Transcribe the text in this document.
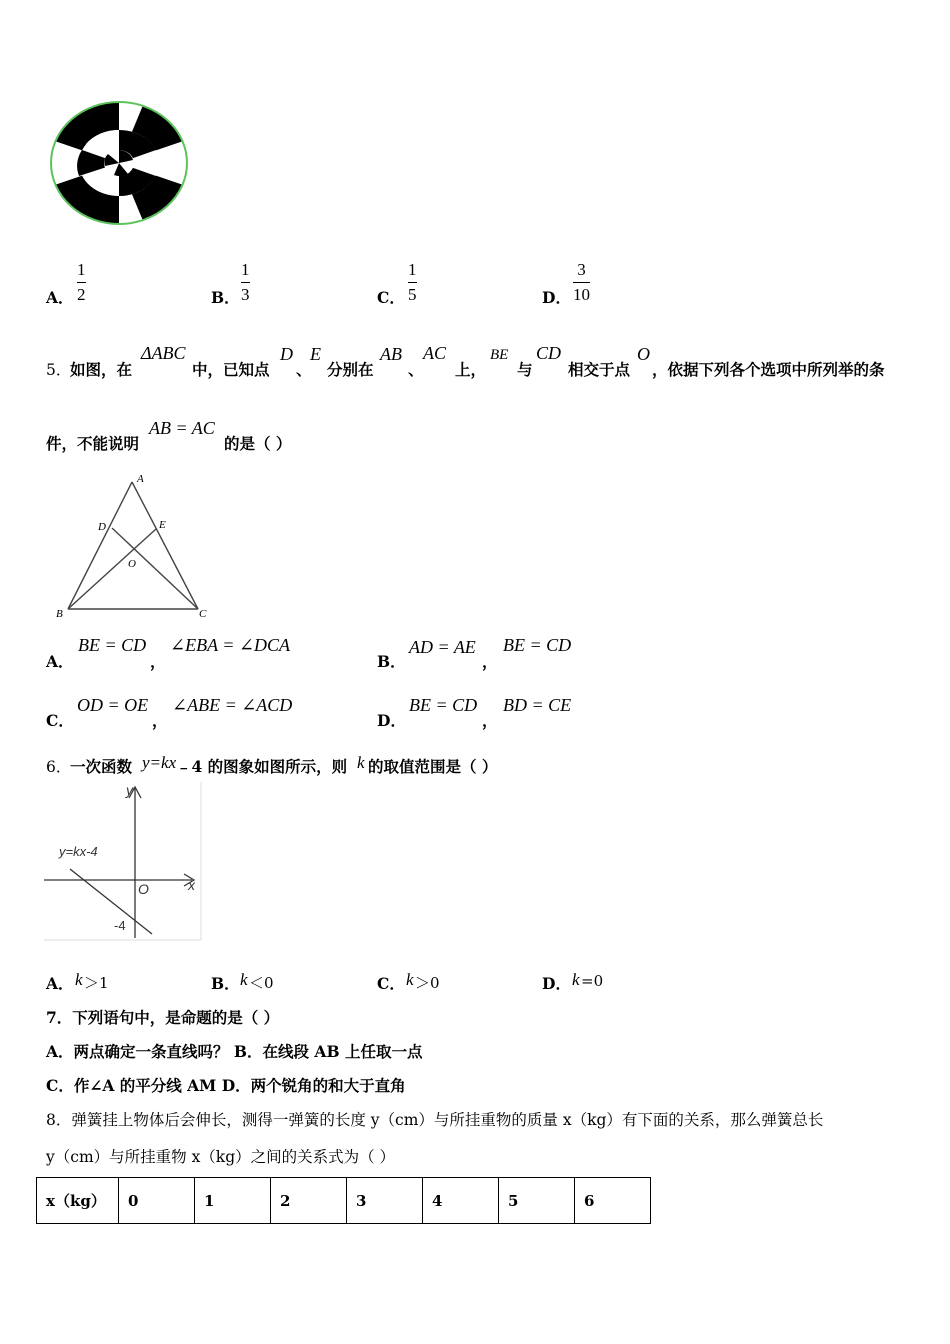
A．
1
2	B．
1
3	C．
1
5	D．
3
10
5．
如图，在
ΔABC
中，已知点
D
、
E
分别在
AB
、
AC
上，
BE
与
CD
相交于点
O
，依据下列各个选项中所列举的条
件，不能说明
AB = AC
的是（ ）
A
B	C
D	E
O
A．
BE = CD
，
∠EBA = ∠DCA
B．
AD = AE
，
BE = CD
C．
OD = OE
，
∠ABE = ∠ACD
D．
BE = CD
，
BD = CE
6．
一次函数 y=kx ﹣4 的图象如图所示，则 k 的取值范围是（ ）
y
x
O
-4
y=kx-4
A． k ＞1	B． k ＜0	C． k ＞0	D． k =0
7．下列语句中，是命题的是（ ）
A．两点确定一条直线吗？ B．在线段 AB 上任取一点
C．作∠A 的平分线 AM D．两个锐角的和大于直角
8．弹簧挂上物体后会伸长，测得一弹簧的长度 y（cm）与所挂重物的质量 x（kg）有下面的关系，那么弹簧总长
y（cm）与所挂重物 x（kg）之间的关系式为（ ）
x（kg）	0	1	2	3	4	5	6
